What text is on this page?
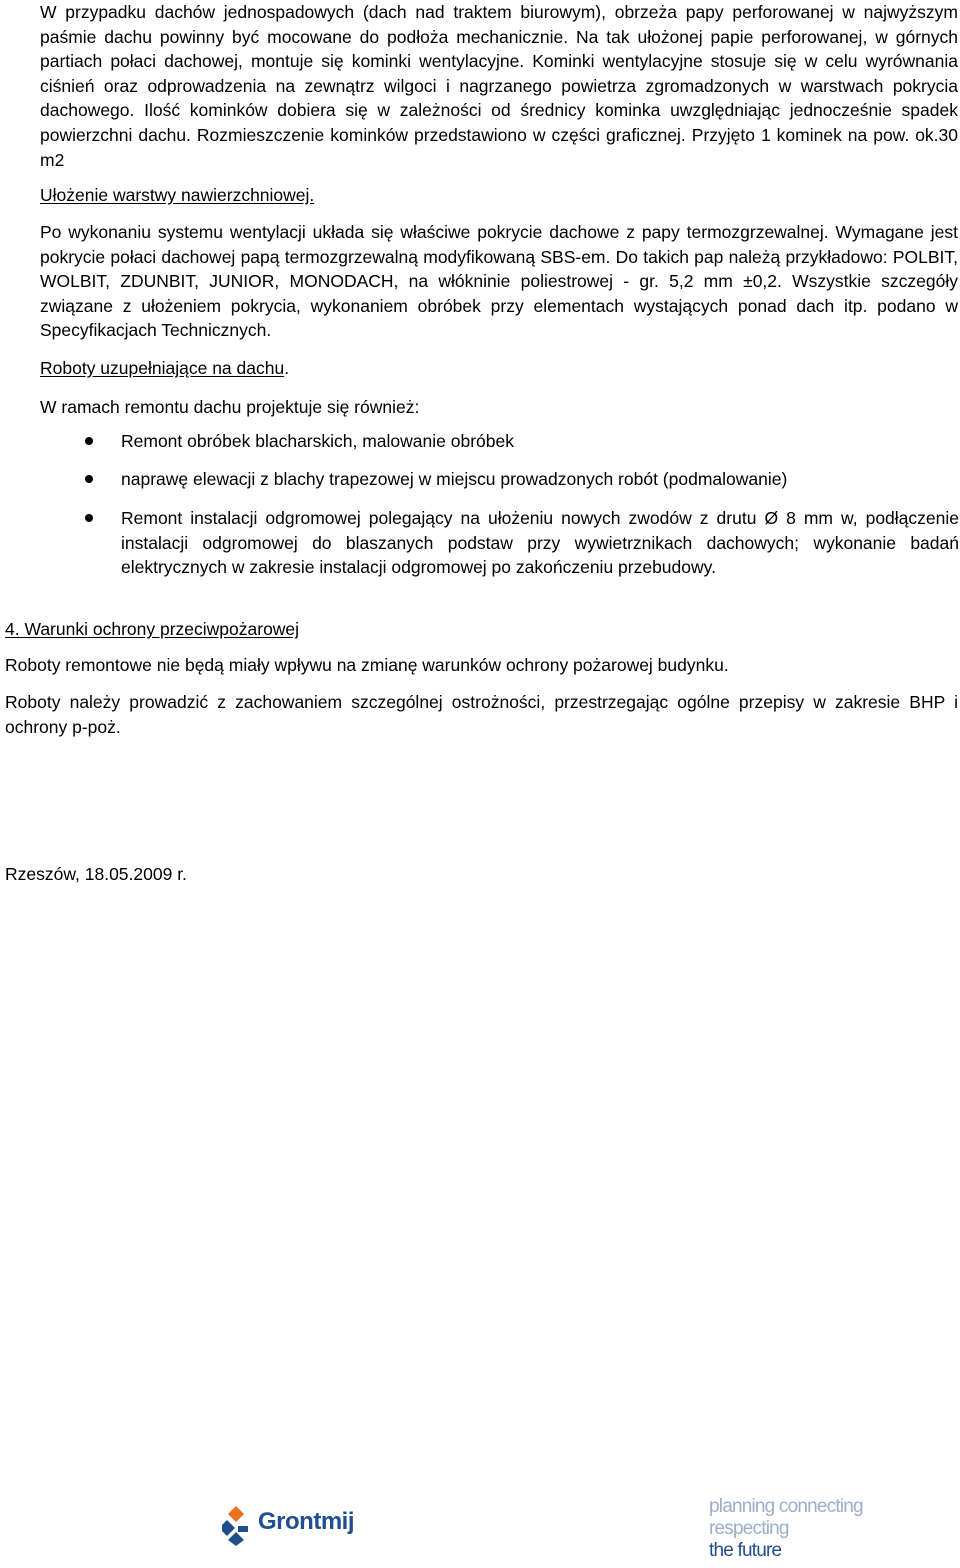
W przypadku dachów jednospadowych (dach nad traktem biurowym), obrzeża papy perforowanej w najwyższym paśmie dachu powinny być mocowane do podłoża mechanicznie. Na tak ułożonej papie perforowanej, w górnych partiach połaci dachowej, montuje się kominki wentylacyjne. Kominki wentylacyjne stosuje się w celu wyrównania ciśnień oraz odprowadzenia na zewnątrz wilgoci i nagrzanego powietrza zgromadzonych w warstwach pokrycia dachowego. Ilość kominków dobiera się w zależności od średnicy kominka uwzględniając jednocześnie spadek powierzchni dachu. Rozmieszczenie kominków przedstawiono w części graficznej. Przyjęto 1 kominek na pow. ok.30 m2

Ułożenie warstwy nawierzchniowej.

Po wykonaniu systemu wentylacji układa się właściwe pokrycie dachowe z papy termozgrzewalnej. Wymagane jest pokrycie połaci dachowej papą termozgrzewalną modyfikowaną SBS-em. Do takich pap należą przykładowo: POLBIT, WOLBIT, ZDUNBIT, JUNIOR, MONODACH, na włókninie poliestrowej - gr. 5,2 mm ±0,2. Wszystkie szczegóły związane z ułożeniem pokrycia, wykonaniem obróbek przy elementach wystających ponad dach itp. podano w Specyfikacjach Technicznych.

Roboty uzupełniające na dachu.

W ramach remontu dachu projektuje się również:

Remont obróbek blacharskich, malowanie obróbek

naprawę elewacji z blachy trapezowej w miejscu prowadzonych robót (podmalowanie)

Remont instalacji odgromowej polegający na ułożeniu nowych zwodów z drutu Ø 8 mm w, podłączenie instalacji odgromowej do blaszanych podstaw przy wywietrznikach dachowych; wykonanie badań elektrycznych w zakresie instalacji odgromowej po zakończeniu przebudowy.

4. Warunki ochrony przeciwpożarowej

Roboty remontowe nie będą miały wpływu na zmianę warunków ochrony pożarowej budynku.

Roboty należy prowadzić z zachowaniem szczególnej ostrożności, przestrzegając ogólne przepisy w zakresie BHP i ochrony p-poż.

Rzeszów, 18.05.2009 r.

Grontmij
planning connecting
respecting
the future
